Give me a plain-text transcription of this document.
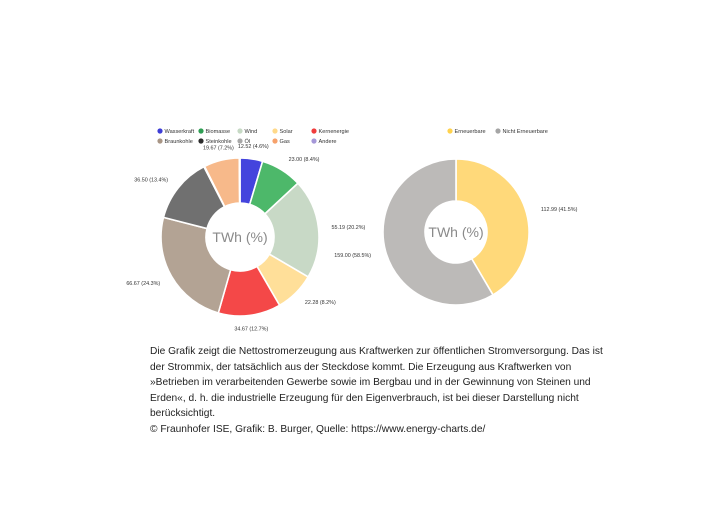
Wasserkraft Biomasse	Wind	Solar	Kernenergie
Braunkohle Steinkohle Öl	Gas	Andere
12.52 (4.6%)
23.00 (8.4%)
55.19 (20.2%)
22.28 (8.2%)
34.67 (12.7%)
66.67 (24.3%)
36.50 (13.4%)
19.67 (7.2%)
TWh (%)
Erneuerbare	Nicht Erneuerbare
112.99 (41.5%)
159.00 (58.5%)
TWh (%)

Die Grafik zeigt die Nettostromerzeugung aus Kraftwerken zur öffentlichen Stromversorgung. Das ist der Strommix, der tatsächlich aus der Steckdose kommt. Die Erzeugung aus Kraftwerken von »Betrieben im verarbeitenden Gewerbe sowie im Bergbau und in der Gewinnung von Steinen und Erden«, d. h. die industrielle Erzeugung für den Eigenverbrauch, ist bei dieser Darstellung nicht berücksichtigt.

© Fraunhofer ISE, Grafik: B. Burger, Quelle: https://www.energy-charts.de/
